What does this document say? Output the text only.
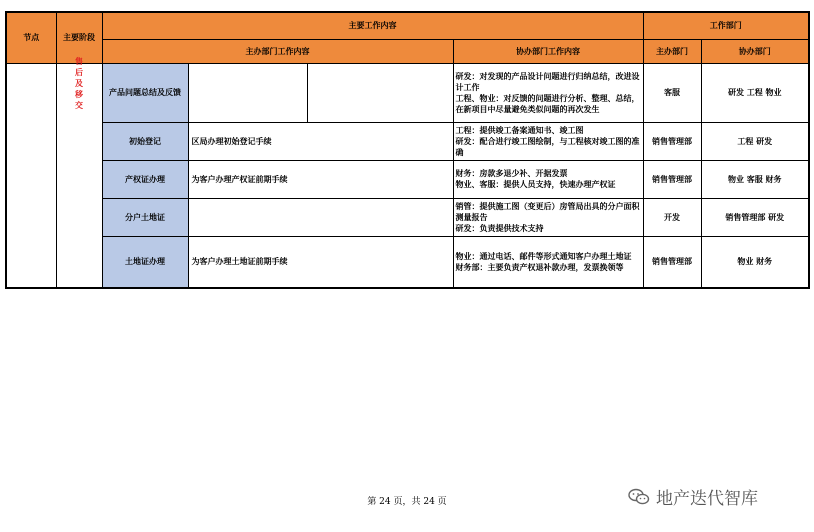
节点	主要阶段	主要工作内容				工作部门	
		主办部门工作内容			协办部门工作内容	主办部门	协办部门

	售后及移交	产品问题总结及反馈			研发：对发现的产品设计问题进行归纳总结，改进设计工作
工程、物业：对反馈的问题进行分析、整理、总结，在新项目中尽量避免类似问题的再次发生	客服	研发 工程 物业
		初始登记	区局办理初始登记手续		工程：提供竣工备案通知书、竣工图
研发：配合进行竣工图绘制，与工程核对竣工图的准确	销售管理部	工程 研发
		产权证办理	为客户办理产权证前期手续		财务：房款多退少补、开据发票
物业、客服：提供人员支持，快速办理产权证	销售管理部	物业 客服 财务
		分户土地证			销管：提供施工图（变更后）房管局出具的分户面积测量报告
研发：负责提供技术支持	开发	销售管理部 研发
		土地证办理	为客户办理土地证前期手续		物业：通过电话、邮件等形式通知客户办理土地证
财务部：主要负责产权退补款办理，发票换领等	销售管理部	物业 财务
第 24 页，共 24 页	地产迭代智库
